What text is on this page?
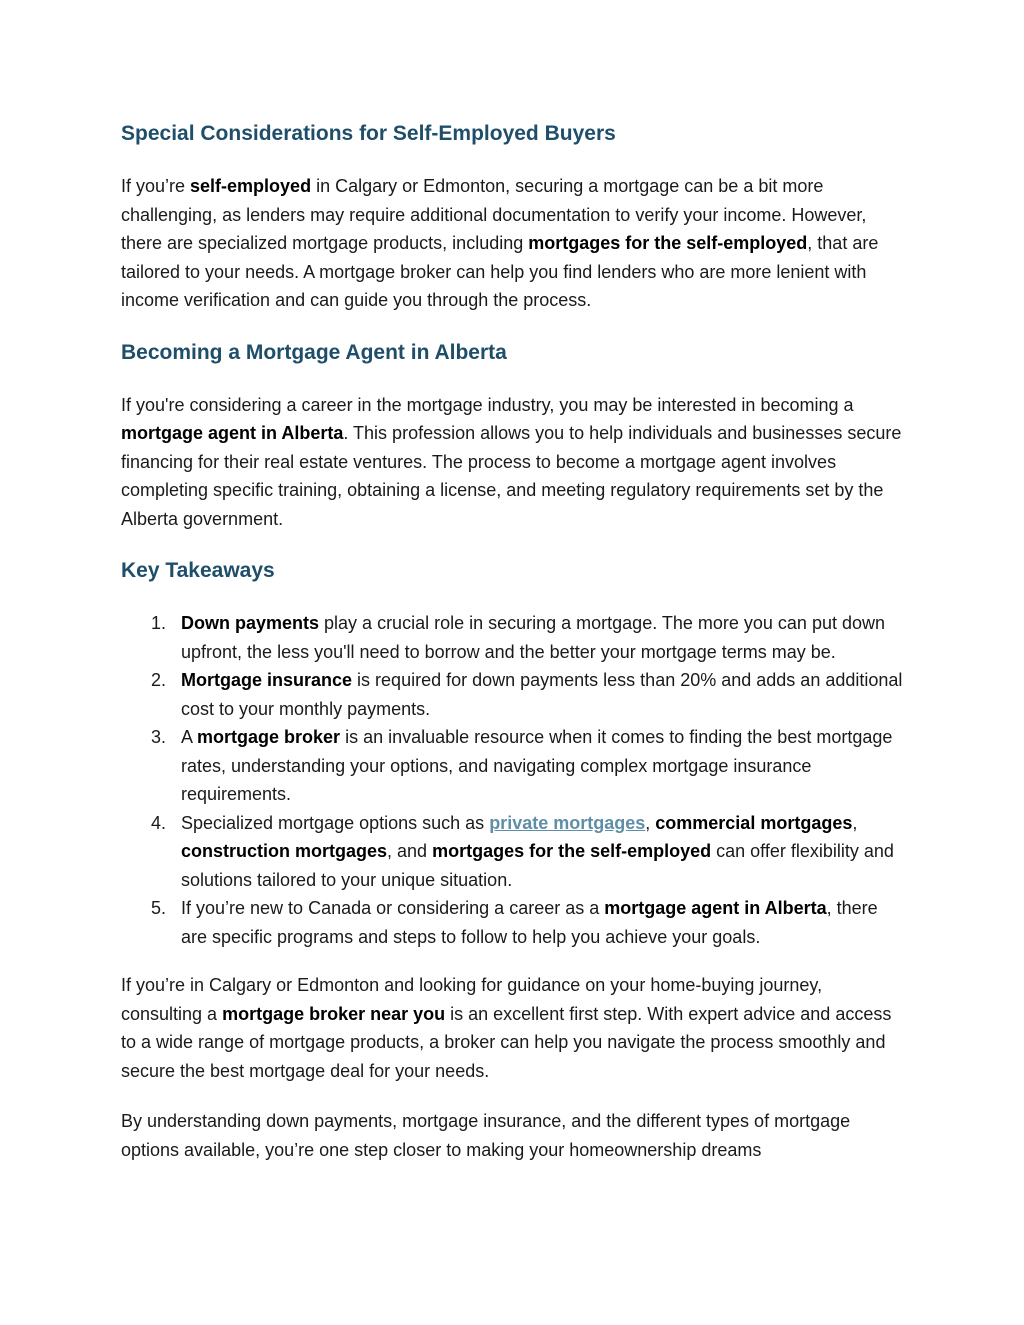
Special Considerations for Self-Employed Buyers

If you’re self-employed in Calgary or Edmonton, securing a mortgage can be a bit more challenging, as lenders may require additional documentation to verify your income. However, there are specialized mortgage products, including mortgages for the self-employed, that are tailored to your needs. A mortgage broker can help you find lenders who are more lenient with income verification and can guide you through the process.

Becoming a Mortgage Agent in Alberta

If you're considering a career in the mortgage industry, you may be interested in becoming a mortgage agent in Alberta. This profession allows you to help individuals and businesses secure financing for their real estate ventures. The process to become a mortgage agent involves completing specific training, obtaining a license, and meeting regulatory requirements set by the Alberta government.

Key Takeaways
1. Down payments play a crucial role in securing a mortgage. The more you can put down upfront, the less you'll need to borrow and the better your mortgage terms may be.
2. Mortgage insurance is required for down payments less than 20% and adds an additional cost to your monthly payments.
3. A mortgage broker is an invaluable resource when it comes to finding the best mortgage rates, understanding your options, and navigating complex mortgage insurance requirements.
4. Specialized mortgage options such as private mortgages, commercial mortgages, construction mortgages, and mortgages for the self-employed can offer flexibility and solutions tailored to your unique situation.
5. If you’re new to Canada or considering a career as a mortgage agent in Alberta, there are specific programs and steps to follow to help you achieve your goals.

If you’re in Calgary or Edmonton and looking for guidance on your home-buying journey, consulting a mortgage broker near you is an excellent first step. With expert advice and access to a wide range of mortgage products, a broker can help you navigate the process smoothly and secure the best mortgage deal for your needs.

By understanding down payments, mortgage insurance, and the different types of mortgage options available, you’re one step closer to making your homeownership dreams
